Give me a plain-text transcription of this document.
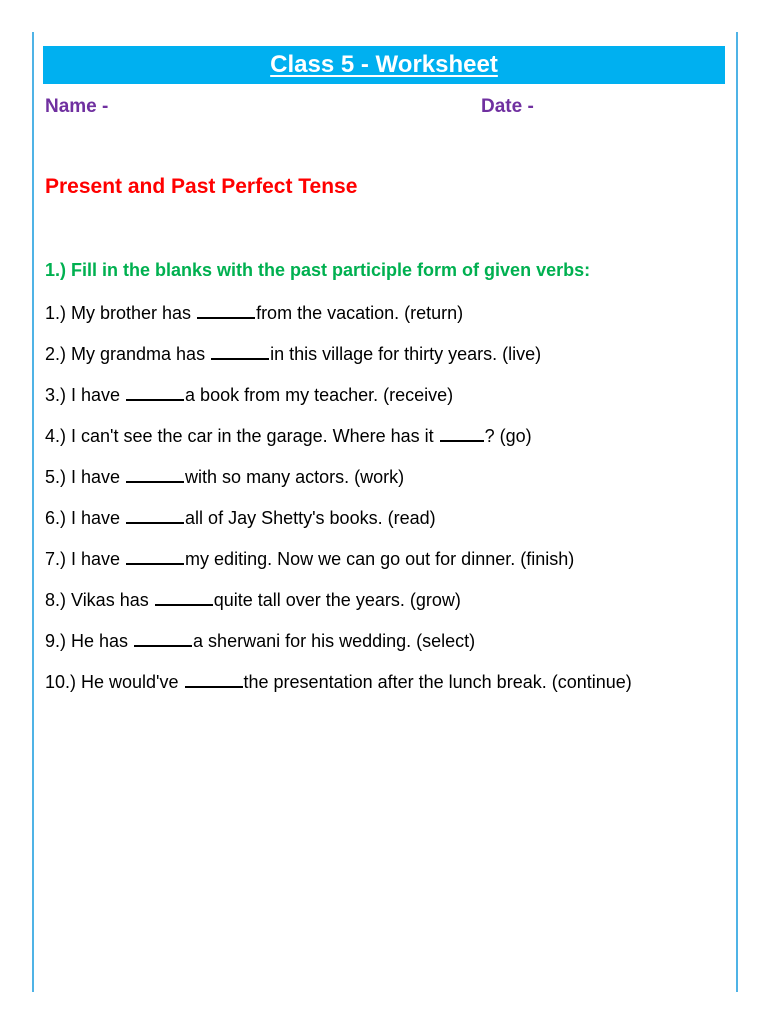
Class 5 - Worksheet
Name -	Date -
Present and Past Perfect Tense
1.) Fill in the blanks with the past participle form of given verbs:
1.) My brother has	from the vacation. (return)
2.) My grandma has	in this village for thirty years. (live)
3.) I have	a book from my teacher. (receive)
4.) I can't see the car in the garage. Where has it	? (go)
5.) I have	with so many actors. (work)
6.) I have	all of Jay Shetty's books. (read)
7.) I have	my editing. Now we can go out for dinner. (finish)
8.) Vikas has	quite tall over the years. (grow)
9.) He has	a sherwani for his wedding. (select)
10.) He would've	the presentation after the lunch break. (continue)
